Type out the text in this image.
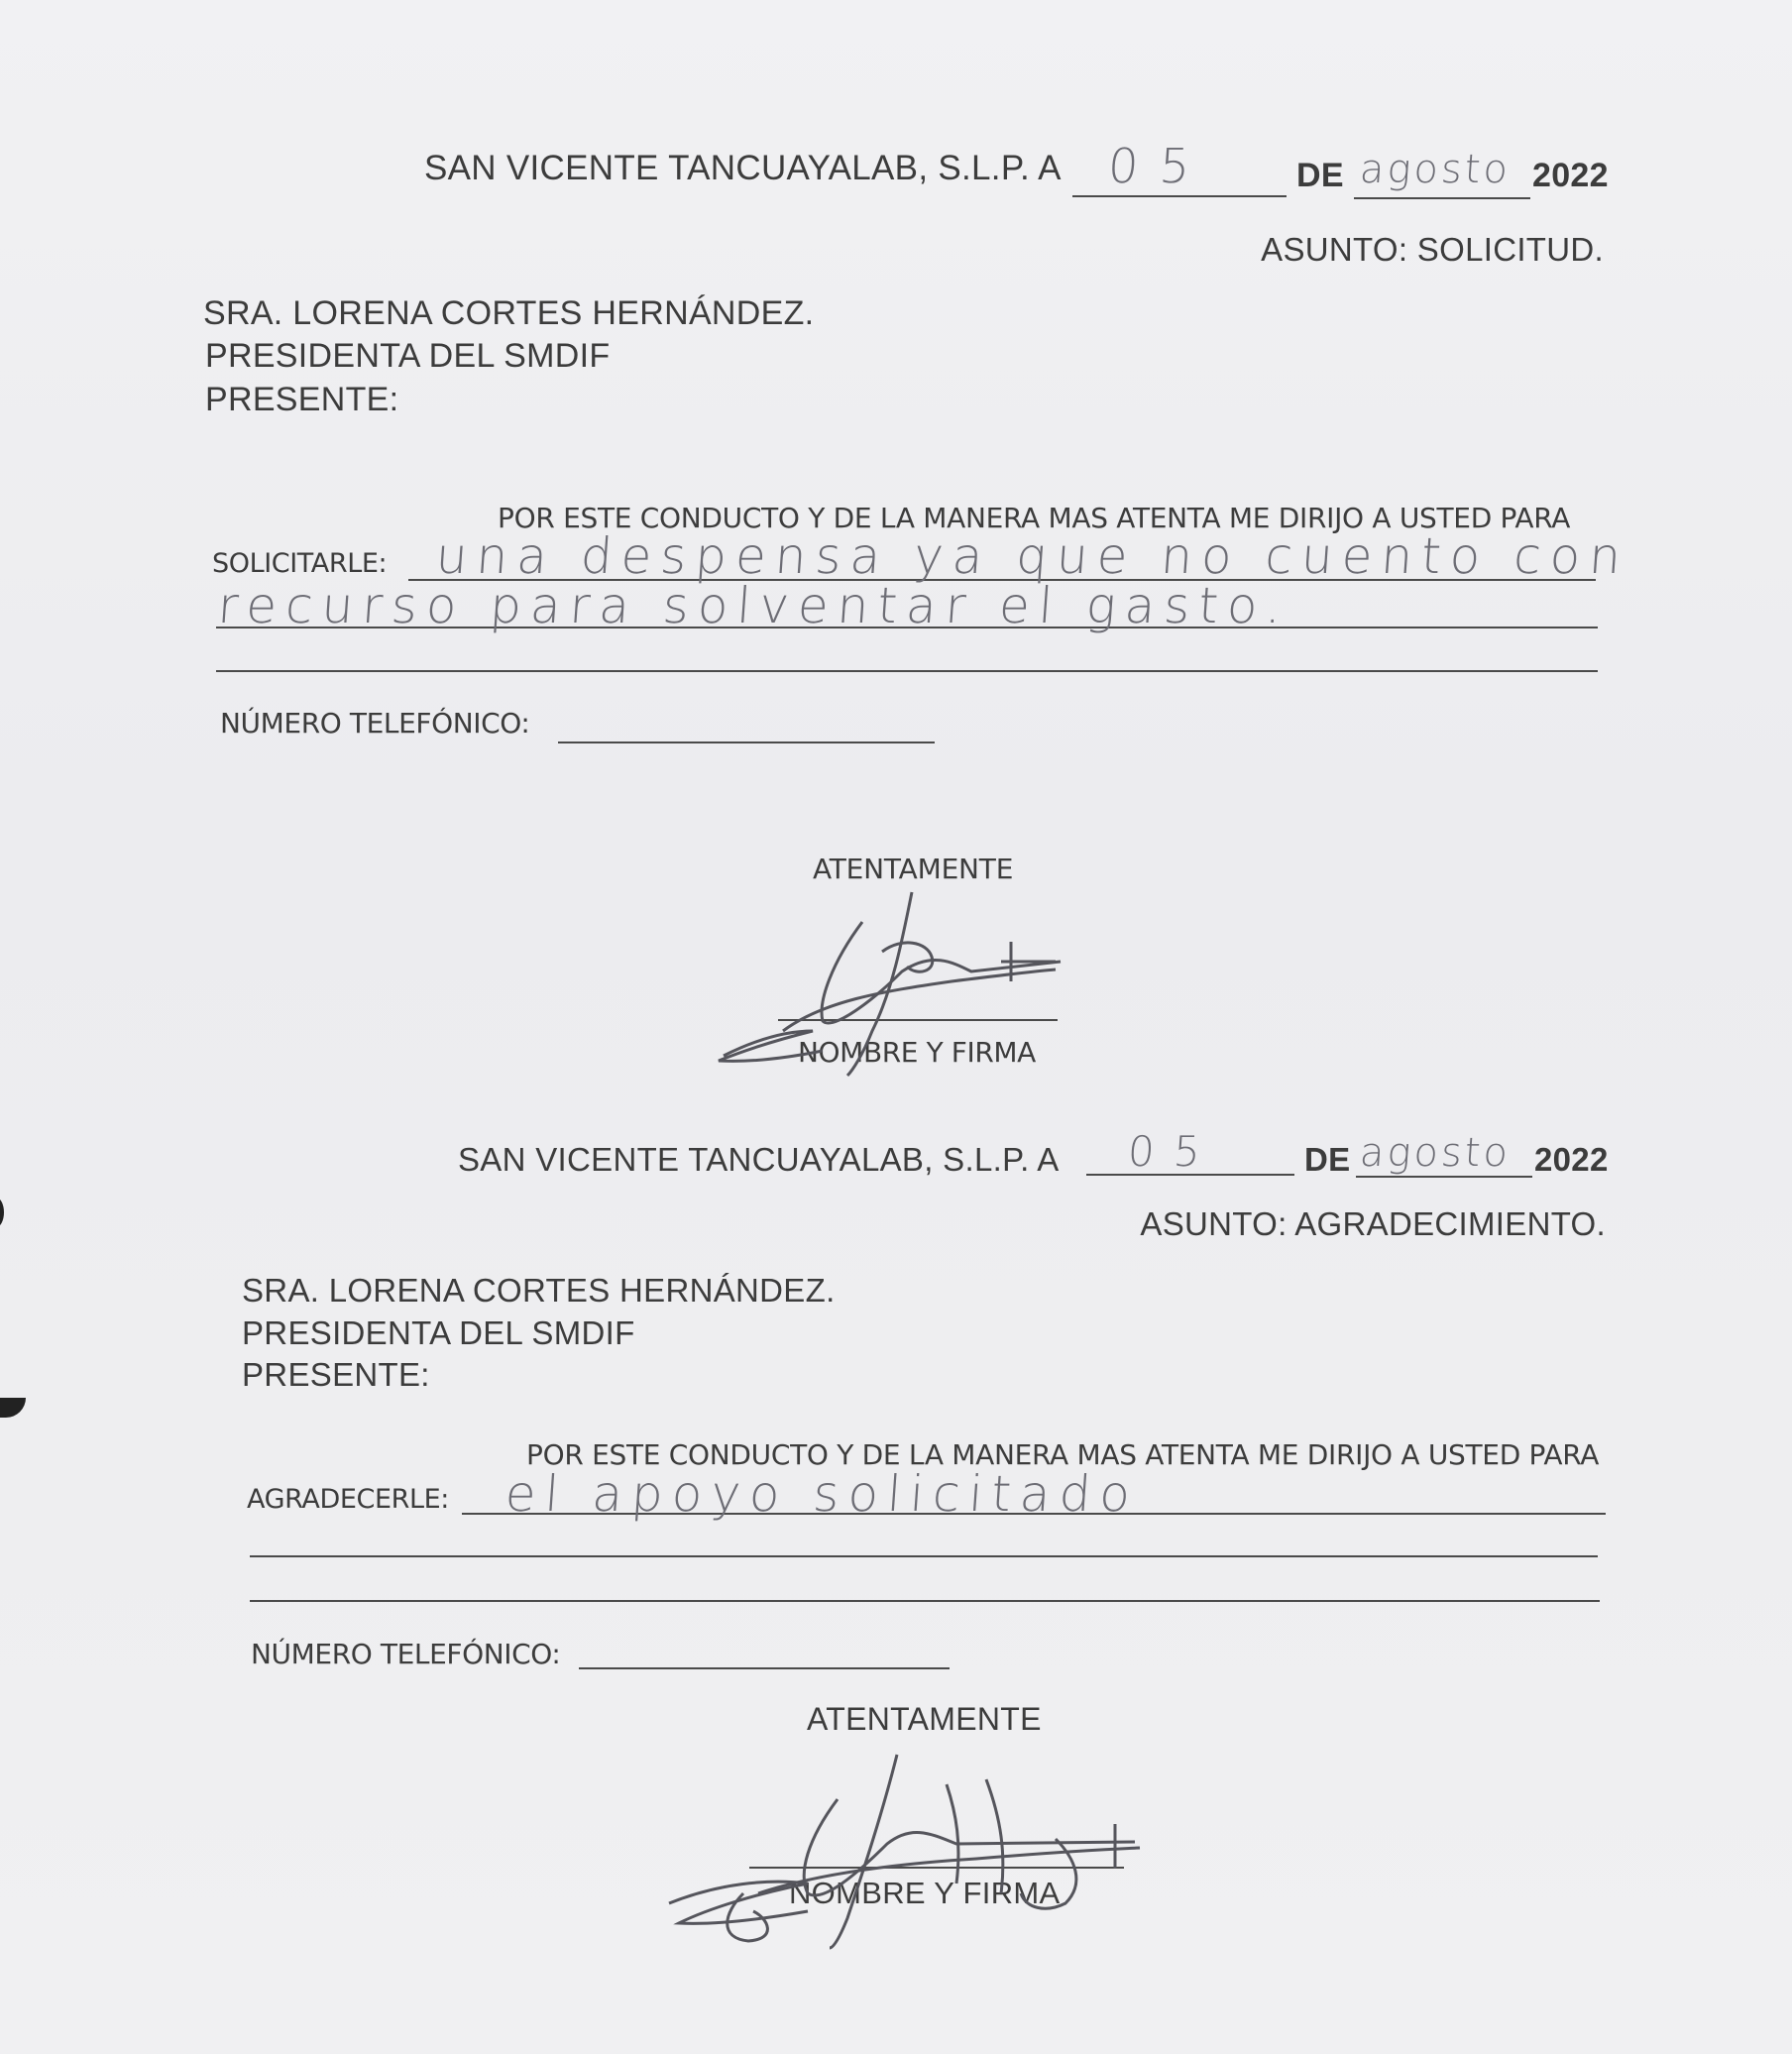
SAN VICENTE TANCUAYALAB, S.L.P. A 0 5	DE agosto 2022
ASUNTO: SOLICITUD.
SRA. LORENA CORTES HERNÁNDEZ.
PRESIDENTA DEL SMDIF
PRESENTE:
POR ESTE CONDUCTO Y DE LA MANERA MAS ATENTA ME DIRIJO A USTED PARA
SOLICITARLE: una despensa ya que no cuento con
recurso para solventar el gasto.
NÚMERO TELEFÓNICO:
ATENTAMENTE
NOMBRE Y FIRMA
SAN VICENTE TANCUAYALAB, S.L.P. A 0 5	DE agosto 2022
ASUNTO: AGRADECIMIENTO.
SRA. LORENA CORTES HERNÁNDEZ.
PRESIDENTA DEL SMDIF
PRESENTE:
POR ESTE CONDUCTO Y DE LA MANERA MAS ATENTA ME DIRIJO A USTED PARA
AGRADECERLE: el apoyo solicitado
NÚMERO TELEFÓNICO:
ATENTAMENTE
NOMBRE Y FIRMA
